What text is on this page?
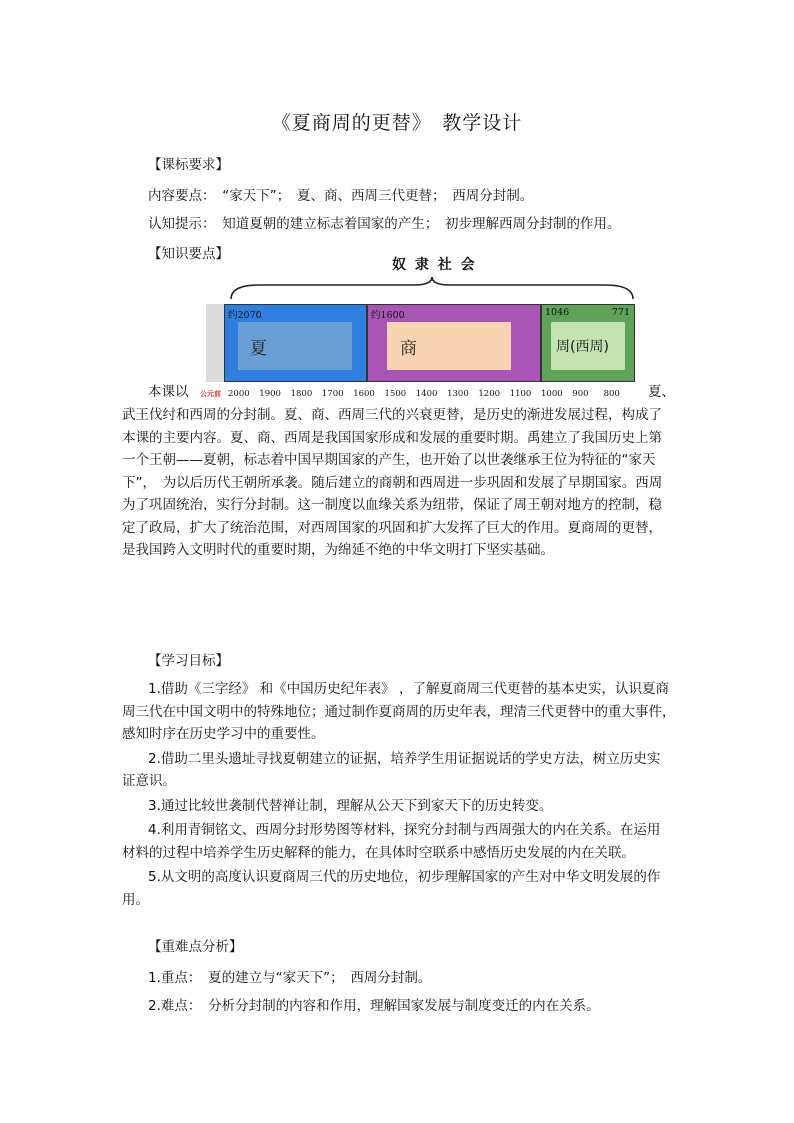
《夏商周的更替》　教学设计
【课标要求】
内容要点：　“家天下”；　夏、商、西周三代更替；　西周分封制。
认知提示：　知道夏朝的建立标志着国家的产生；　初步理解西周分封制的作用。
【知识要点】
奴 隶 社 会
约2070
夏
约1600
商
1046	771
周(西周)
公元前
本课以	夏、

武王伐纣和西周的分封制。夏、商、西周三代的兴衰更替，是历史的渐进发展过程，构成了

本课的主要内容。夏、商、西周是我国国家形成和发展的重要时期。禹建立了我国历史上第

一个王朝——夏朝，标志着中国早期国家的产生，也开始了以世袭继承王位为特征的“家天

下”，　为以后历代王朝所承袭。随后建立的商朝和西周进一步巩固和发展了早期国家。西周

为了巩固统治，实行分封制。这一制度以血缘关系为纽带，保证了周王朝对地方的控制，稳

定了政局，扩大了统治范围，对西周国家的巩固和扩大发挥了巨大的作用。夏商周的更替，

是我国跨入文明时代的重要时期，为绵延不绝的中华文明打下坚实基础。

【学习目标】

1.借助《三字经》 和《中国历史纪年表》 ，了解夏商周三代更替的基本史实，认识夏商

周三代在中国文明中的特殊地位；通过制作夏商周的历史年表，理清三代更替中的重大事件，

感知时序在历史学习中的重要性。

2.借助二里头遗址寻找夏朝建立的证据，培养学生用证据说话的学史方法，树立历史实

证意识。

3.通过比较世袭制代替禅让制，理解从公天下到家天下的历史转变。

4.利用青铜铭文、西周分封形势图等材料，探究分封制与西周强大的内在关系。在运用

材料的过程中培养学生历史解释的能力，在具体时空联系中感悟历史发展的内在关联。

5.从文明的高度认识夏商周三代的历史地位，初步理解国家的产生对中华文明发展的作

用。

【重难点分析】
1.重点：　夏的建立与“家天下”；　西周分封制。
2.难点：　分析分封制的内容和作用，理解国家发展与制度变迁的内在关系。
2000 1900 1800 1700 1600 1500 1400 1300 1200 1100 1000 900 800
